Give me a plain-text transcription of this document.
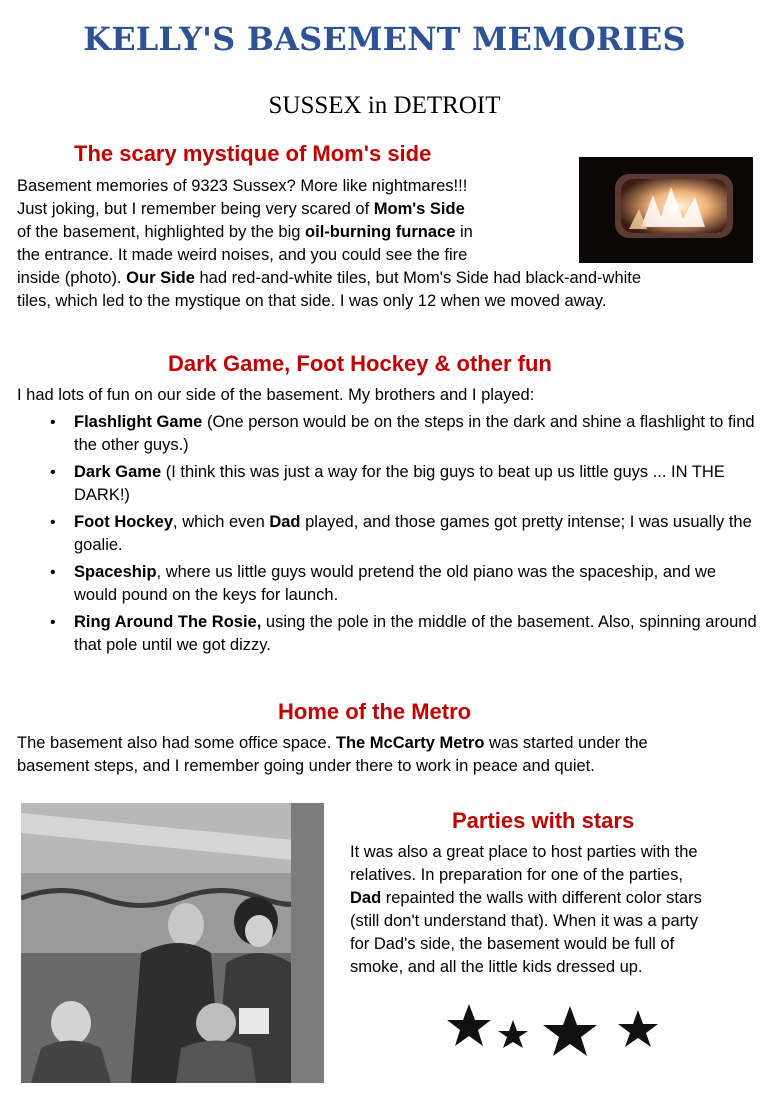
KELLY'S BASEMENT MEMORIES
SUSSEX in DETROIT
The scary mystique of Mom's side
Basement memories of 9323 Sussex? More like nightmares!!!
Just joking, but I remember being very scared of Mom's Side
of the basement, highlighted by the big oil-burning furnace in
the entrance. It made weird noises, and you could see the fire
inside (photo). Our Side had red-and-white tiles, but Mom's Side had black-and-white
tiles, which led to the mystique on that side. I was only 12 when we moved away.
Dark Game, Foot Hockey & other fun
I had lots of fun on our side of the basement. My brothers and I played:
• Flashlight Game (One person would be on the steps in the dark and shine a flashlight to find the other guys.)
• Dark Game (I think this was just a way for the big guys to beat up us little guys ... IN THE DARK!)
• Foot Hockey, which even Dad played, and those games got pretty intense; I was usually the goalie.
• Spaceship, where us little guys would pretend the old piano was the spaceship, and we would pound on the keys for launch.
• Ring Around The Rosie, using the pole in the middle of the basement. Also, spinning around that pole until we got dizzy.
Home of the Metro
The basement also had some office space. The McCarty Metro was started under the
basement steps, and I remember going under there to work in peace and quiet.
Parties with stars
It was also a great place to host parties with the
relatives. In preparation for one of the parties,
Dad repainted the walls with different color stars
(still don't understand that). When it was a party
for Dad's side, the basement would be full of
smoke, and all the little kids dressed up.
